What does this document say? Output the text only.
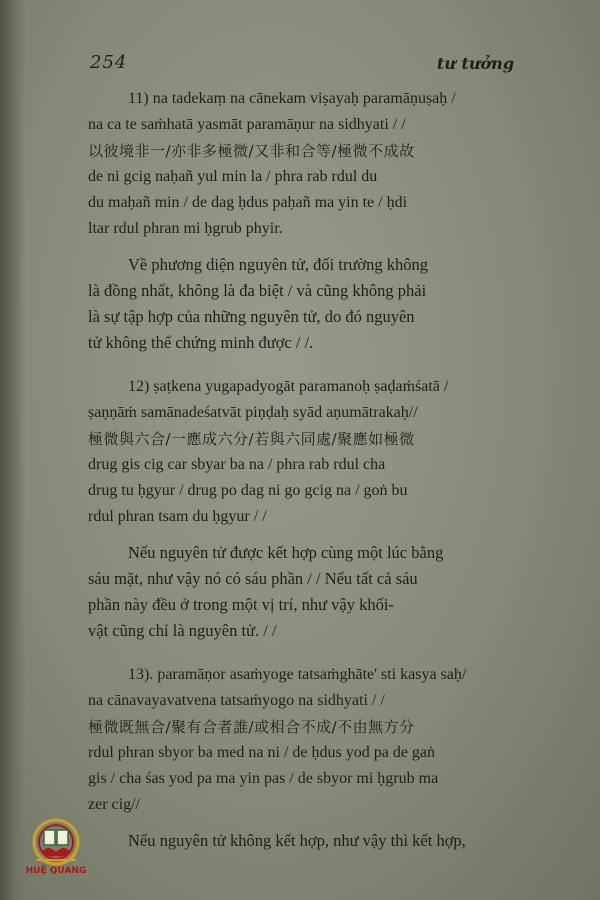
254	tư tưởng
11) na tadekaṃ na cānekam viṣayaḥ paramāṇuṣaḥ /
na ca te saṁhatā yasmāt paramāṇur na sidhyati / /
以彼境非一/亦非多極微/又非和合等/極微不成故
de ni gcig naḥañ yul min la / phra rab rdul du
du maḥañ min / de dag ḥdus paḥañ ma yin te / ḥdi
ltar rdul phran mi ḥgrub phyir.
Về phương diện nguyên tử, đối trường không
là đồng nhất, không là đa biệt / và cũng không phải
là sự tập hợp của những nguyên tử, do đó nguyên
tử không thể chứng minh được / /.
12) ṣaṭkena yugapadyogāt paramanoḥ ṣaḍaṁśatā /
ṣaṇṇāṁ samānadeśatvāt piṇḍaḥ syād aṇumātrakaḥ//
極微與六合/一應成六分/若與六同處/聚應如極微
drug gis cig car sbyar ba na / phra rab rdul cha
drug tu ḥgyur / drug po dag ni go gcig na / goṅ bu
rdul phran tsam du ḥgyur / /
Nếu nguyên tử được kết hợp cùng một lúc bằng
sáu mặt, như vậy nó có sáu phần / / Nếu tất cả sáu
phần này đều ở trong một vị trí, như vậy khối-
vật cũng chỉ là nguyên tử. / /
13). paramāṇor asaṁyoge tatsaṁghāte' sti kasya saḥ/
na cānavayavatvena tatsaṁyogo na sidhyati / /
極微既無合/聚有合者誰/或相合不成/不由無方分
rdul phran sbyor ba med na ni / de ḥdus yod pa de gaṅ
gis / cha śas yod pa ma yin pas / de sbyor mi ḥgrub ma
zer cig//
Nếu nguyên tử không kết hợp, như vậy thì kết hợp,
HUỆ QUANG
